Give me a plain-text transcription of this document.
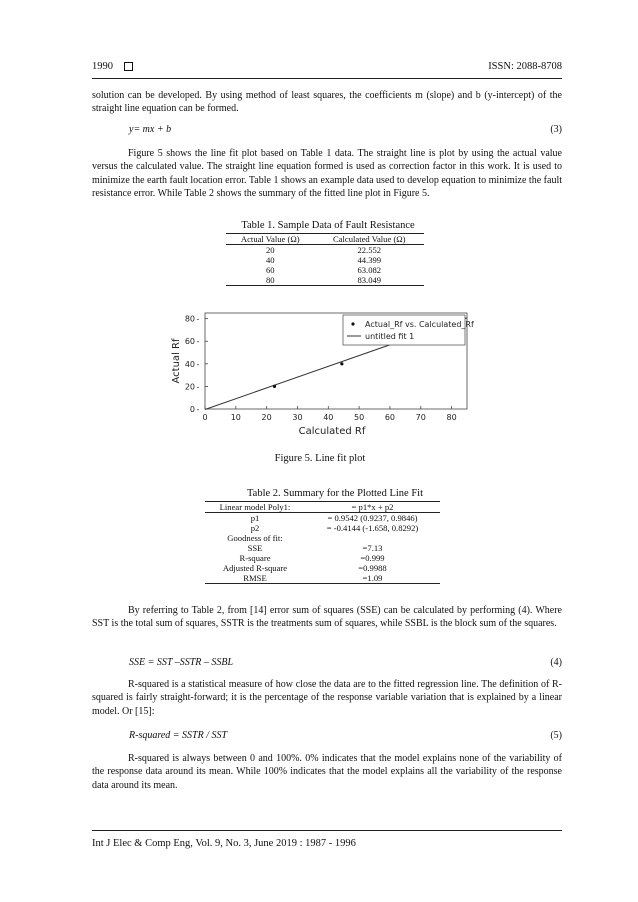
1990	ISSN: 2088-8708
solution can be developed. By using method of least squares, the coefficients m (slope) and b (y-intercept) of the straight line equation can be formed.
y= mx + b	(3)
Figure 5 shows the line fit plot based on Table 1 data. The straight line is plot by using the actual value versus the calculated value. The straight line equation formed is used as correction factor in this work. It is used to minimize the earth fault location error. Table 1 shows an example data used to develop equation to minimize the fault resistance error. While Table 2 shows the summary of the fitted line plot in Figure 5.
Table 1. Sample Data of Fault Resistance
Actual Value (Ω)	Calculated Value (Ω)
20	22.552
40	44.399
60	63.082
80	83.049
0	10	20	30	40	50	60	70	80
0 -
20 -
40 -
60 -
80 -
Calculated Rf
Actual Rf
Actual_Rf vs. Calculated_Rf
untitled fit 1
Figure 5. Line fit plot
Table 2. Summary for the Plotted Line Fit
Linear model Poly1:	= p1*x + p2
p1	= 0.9542 (0.9237, 0.9846)
p2	= -0.4144 (-1.658, 0.8292)
Goodness of fit:	
SSE	=7.13
R-square	=0.999
Adjusted R-square	=0.9988
RMSE	=1.09
By referring to Table 2, from [14] error sum of squares (SSE) can be calculated by performing (4). Where SST is the total sum of squares, SSTR is the treatments sum of squares, while SSBL is the block sum of the squares.
SSE = SST –SSTR – SSBL	(4)
R-squared is a statistical measure of how close the data are to the fitted regression line. The definition of R-squared is fairly straight-forward; it is the percentage of the response variable variation that is explained by a linear model. Or [15]:
R-squared = SSTR / SST	(5)
R-squared is always between 0 and 100%. 0% indicates that the model explains none of the variability of the response data around its mean. While 100% indicates that the model explains all the variability of the response data around its mean.
Int J Elec & Comp Eng, Vol. 9, No. 3, June 2019 : 1987 - 1996
